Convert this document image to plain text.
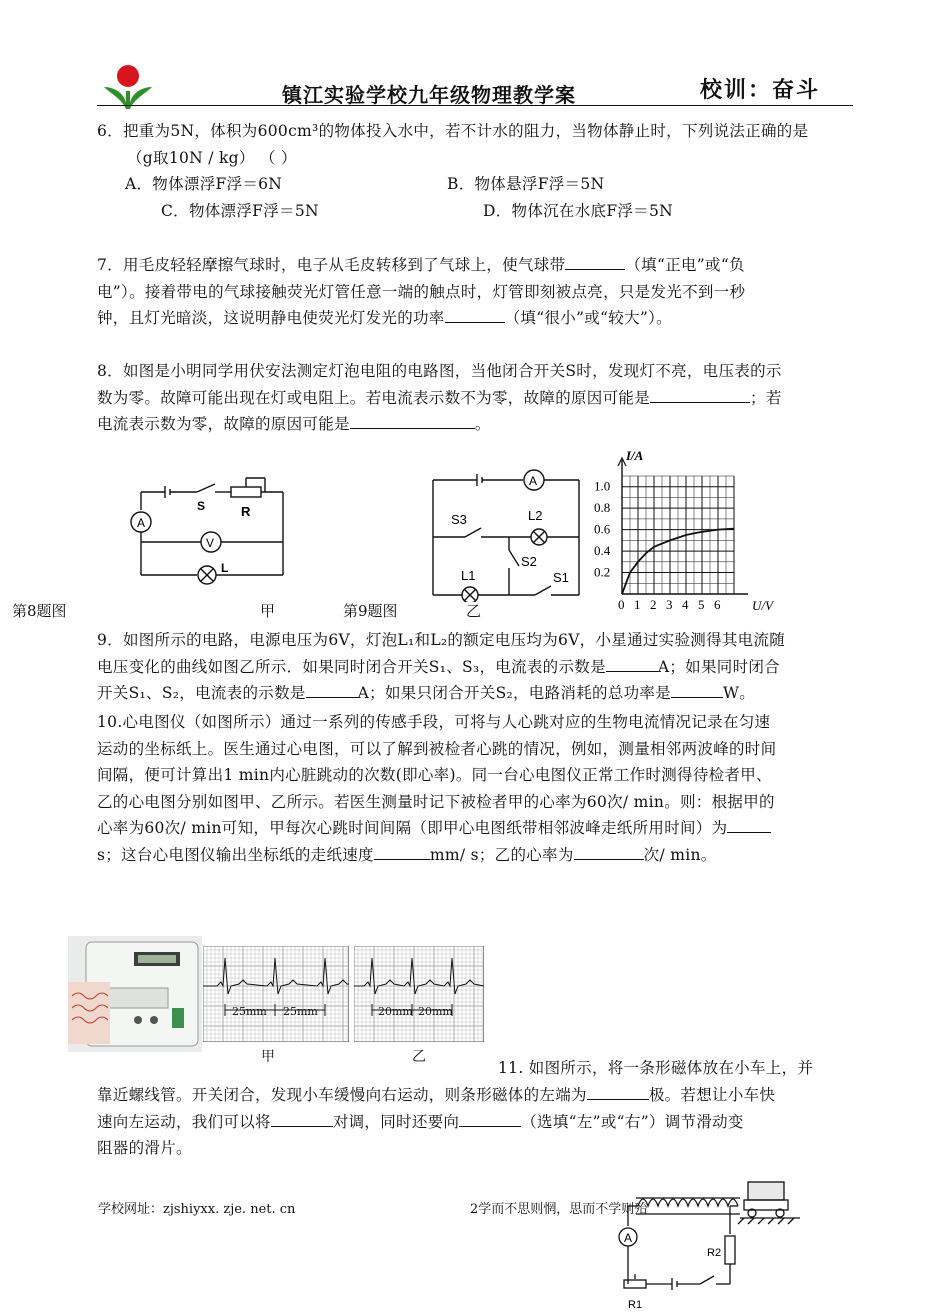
镇江实验学校九年级物理教学案	校训：奋斗
6．把重为5N，体积为600cm³的物体投入水中，若不计水的阻力，当物体静止时，下列说法正确的是
（g取10N / kg） （ ）
A．物体漂浮F浮＝6N	B．物体悬浮F浮＝5N
C．物体漂浮F浮＝5N	D．物体沉在水底F浮＝5N
7．用毛皮轻轻摩擦气球时，电子从毛皮转移到了气球上，使气球带	（填“正电”或“负
电”）。接着带电的气球接触荧光灯管任意一端的触点时，灯管即刻被点亮，只是发光不到一秒
钟，且灯光暗淡，这说明静电使荧光灯发光的功率	（填“很小”或“较大”）。
8．如图是小明同学用伏安法测定灯泡电阻的电路图，当他闭合开关S时，发现灯不亮，电压表的示
数为零。故障可能出现在灯或电阻上。若电流表示数不为零，故障的原因可能是	；若
电流表示数为零，故障的原因可能是	。
A
V
S	R
L
A
S3	L2
L1
S2
S1
0 1 2 3 4 5 6
0.2
0.4
0.6
0.8
1.0
I/A
U/V
第8题图	甲	第9题图	乙
9．如图所示的电路，电源电压为6V，灯泡L₁和L₂的额定电压均为6V，小星通过实验测得其电流随
电压变化的曲线如图乙所示．如果同时闭合开关S₁、S₃，电流表的示数是	A；如果同时闭合
开关S₁、S₂，电流表的示数是	A；如果只闭合开关S₂，电路消耗的总功率是	W。
10.心电图仪（如图所示）通过一系列的传感手段，可将与人心跳对应的生物电流情况记录在匀速
运动的坐标纸上。医生通过心电图，可以了解到被检者心跳的情况，例如，测量相邻两波峰的时间
间隔，便可计算出1 min内心脏跳动的次数(即心率)。同一台心电图仪正常工作时测得待检者甲、
乙的心电图分别如图甲、乙所示。若医生测量时记下被检者甲的心率为60次/ min。则：根据甲的
心率为60次/ min可知，甲每次心跳时间间隔（即甲心电图纸带相邻波峰走纸所用时间）为
s；这台心电图仪输出坐标纸的走纸速度	mm/ s；乙的心率为	次/ min。
25mm 25mm	20mm 20mm
甲	乙
11. 如图所示，将一条形磁体放在小车上，并
靠近螺线管。开关闭合，发现小车缓慢向右运动，则条形磁体的左端为	极。若想让小车快
速向左运动，我们可以将	对调，同时还要向	（选填“左”或“右”）调节滑动变
阻器的滑片。
A
R2
R1
学校网址：zjshiyxx. zje. net. cn	2学而不思则惘，思而不学则殆
